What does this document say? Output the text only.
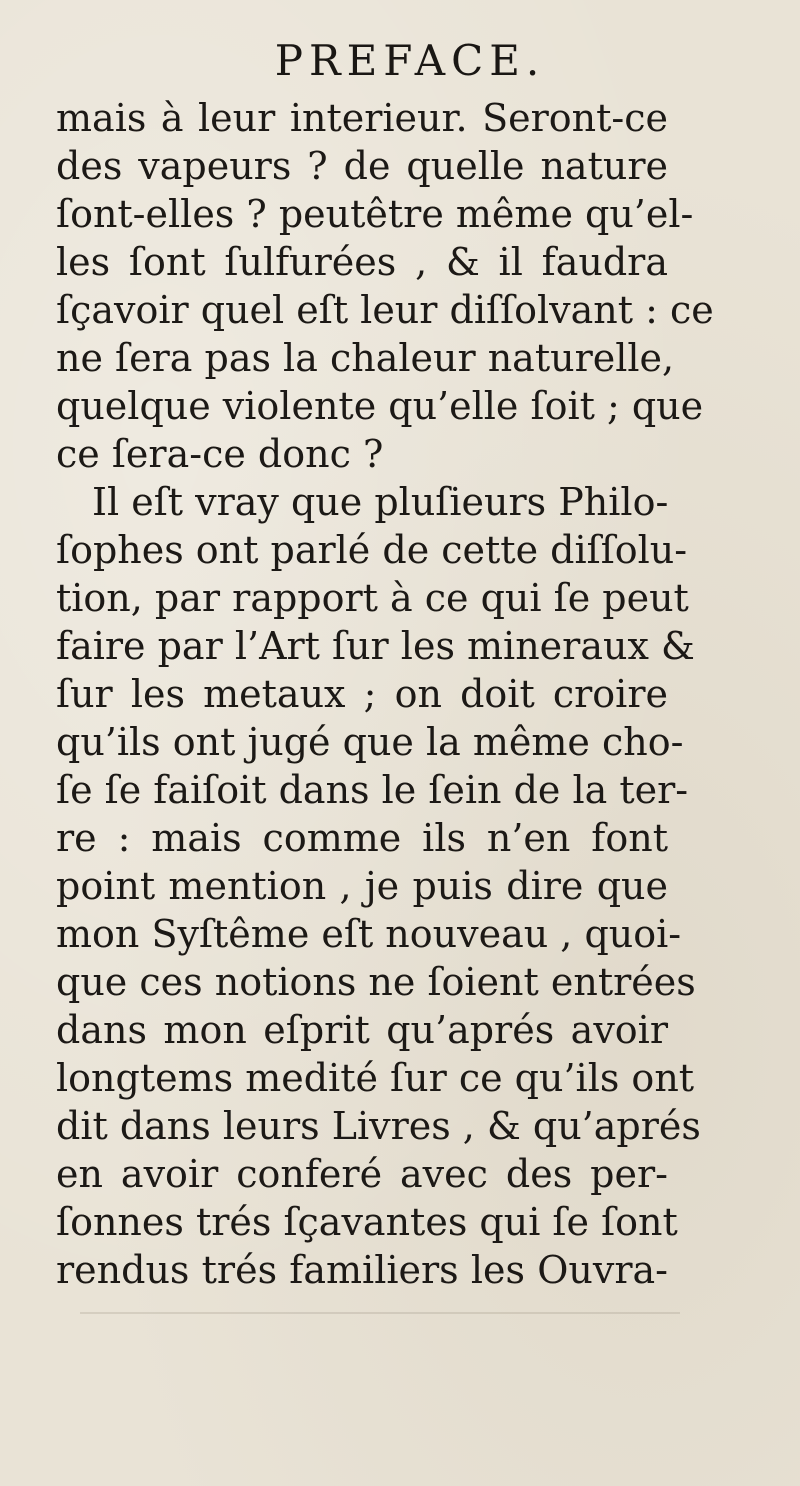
PREFACE.
mais à leur interieur. Seront-ce
des vapeurs ? de quelle nature
ſont-elles ? peutêtre même qu’el-
les ſont ſulfurées , & il faudra
ſçavoir quel eſt leur diſſolvant : ce
ne ſera pas la chaleur naturelle,
quelque violente qu’elle ſoit ; que
ce ſera-ce donc ?
Il eſt vray que pluſieurs Philo-
ſophes ont parlé de cette diſſolu-
tion, par rapport à ce qui ſe peut
faire par l’Art ſur les mineraux &
ſur les metaux ; on doit croire
qu’ils ont jugé que la même cho-
ſe ſe faiſoit dans le ſein de la ter-
re : mais comme ils n’en font
point mention , je puis dire que
mon Syſtême eſt nouveau , quoi-
que ces notions ne ſoient entrées
dans mon eſprit qu’aprés avoir
longtems medité ſur ce qu’ils ont
dit dans leurs Livres , & qu’aprés
en avoir conferé avec des per-
ſonnes trés ſçavantes qui ſe ſont
rendus trés familiers les Ouvra-
